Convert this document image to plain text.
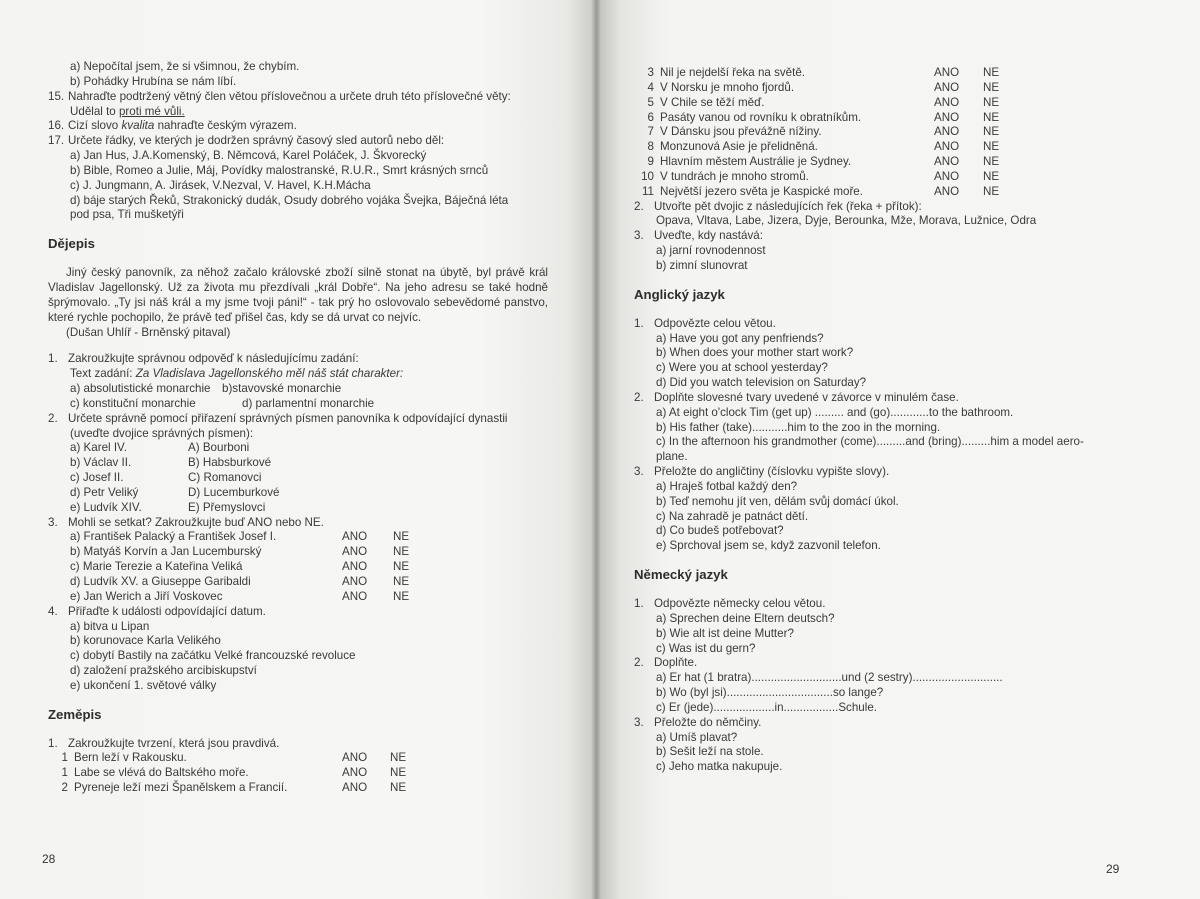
a) Nepočítal jsem, že si všimnou, že chybím.
b) Pohádky Hrubína se nám líbí.
15. Nahraďte podtržený větný člen větou příslovečnou a určete druh této příslovečné věty:
Udělal to proti mé vůli.
16. Cizí slovo kvalita nahraďte českým výrazem.
17. Určete řádky, ve kterých je dodržen správný časový sled autorů nebo děl:
a) Jan Hus, J.A.Komenský, B. Němcová, Karel Poláček, J. Škvorecký
b) Bible, Romeo a Julie, Máj, Povídky malostranské, R.U.R., Smrt krásných srnců
c) J. Jungmann, A. Jirásek, V.Nezval, V. Havel, K.H.Mácha
d) báje starých Řeků, Strakonický dudák, Osudy dobrého vojáka Švejka, Báječná léta
pod psa, Tři mušketýři
Dějepis

Jiný český panovník, za něhož začalo královské zboží silně stonat na úbytě, byl právě král Vladislav Jagellonský. Už za života mu přezdívali „král Dobře“. Na jeho adresu se také hodně šprýmovalo. „Ty jsi náš král a my jsme tvoji páni!“ - tak prý ho oslovovalo sebevědomé panstvo, které rychle pochopilo, že právě teď přišel čas, kdy se dá urvat co nejvíc.

(Dušan Uhlíř - Brněnský pitaval)
1. Zakroužkujte správnou odpověď k následujícímu zadání:
Text zadání: Za Vladislava Jagellonského měl náš stát charakter:
a) absolutistické monarchie b)stavovské monarchie
c) konstituční monarchie	d) parlamentní monarchie
2. Určete správně pomocí přiřazení správných písmen panovníka k odpovídající dynastii
(uveďte dvojice správných písmen):
a) Karel IV.	A) Bourboni
b) Václav II.	B) Habsburkové
c) Josef II.	C) Romanovci
d) Petr Veliký	D) Lucemburkové
e) Ludvík XIV.	E) Přemyslovci
3. Mohli se setkat? Zakroužkujte buď ANO nebo NE.
a) František Palacký a František Josef I.	ANO NE
b) Matyáš Korvín a Jan Lucemburský	ANO NE
c) Marie Terezie a Kateřina Veliká	ANO NE
d) Ludvík XV. a Giuseppe Garibaldi	ANO NE
e) Jan Werich a Jiří Voskovec	ANO NE
4. Přiřaďte k události odpovídající datum.
a) bitva u Lipan
b) korunovace Karla Velikého
c) dobytí Bastily na začátku Velké francouzské revoluce
d) založení pražského arcibiskupství
e) ukončení 1. světové války
Zeměpis
1. Zakroužkujte tvrzení, která jsou pravdivá.
1 Bern leží v Rakousku.	ANO NE
1 Labe se vlévá do Baltského moře.	ANO NE
2 Pyreneje leží mezi Španělskem a Francií.	ANO NE
28
29
3 Nil je nejdelší řeka na světě.	ANO NE
4 V Norsku je mnoho fjordů.	ANO NE
5 V Chile se těží měď.	ANO NE
6 Pasáty vanou od rovníku k obratníkům.	ANO NE
7 V Dánsku jsou převážně nížiny.	ANO NE
8 Monzunová Asie je přelidněná.	ANO NE
9 Hlavním městem Austrálie je Sydney.	ANO NE
10 V tundrách je mnoho stromů.	ANO NE
11 Největší jezero světa je Kaspické moře.	ANO NE
2. Utvořte pět dvojic z následujících řek (řeka + přítok):
Opava, Vltava, Labe, Jizera, Dyje, Berounka, Mže, Morava, Lužnice, Odra
3. Uveďte, kdy nastává:
a) jarní rovnodennost
b) zimní slunovrat
Anglický jazyk
1. Odpovězte celou větou.
a) Have you got any penfriends?
b) When does your mother start work?
c) Were you at school yesterday?
d) Did you watch television on Saturday?
2. Doplňte slovesné tvary uvedené v závorce v minulém čase.
a) At eight o'clock Tim (get up) ......... and (go)............to the bathroom.
b) His father (take)...........him to the zoo in the morning.
c) In the afternoon his grandmother (come).........and (bring).........him a model aero-
plane.
3. Přeložte do angličtiny (číslovku vypište slovy).
a) Hraješ fotbal každý den?
b) Teď nemohu jít ven, dělám svůj domácí úkol.
c) Na zahradě je patnáct dětí.
d) Co budeš potřebovat?
e) Sprchoval jsem se, když zazvonil telefon.
Německý jazyk
1. Odpovězte německy celou větou.
a) Sprechen deine Eltern deutsch?
b) Wie alt ist deine Mutter?
c) Was ist du gern?
2. Doplňte.
a) Er hat (1 bratra)............................und (2 sestry)............................
b) Wo (byl jsi).................................so lange?
c) Er (jede)...................in.................Schule.
3. Přeložte do němčiny.
a) Umíš plavat?
b) Sešit leží na stole.
c) Jeho matka nakupuje.
